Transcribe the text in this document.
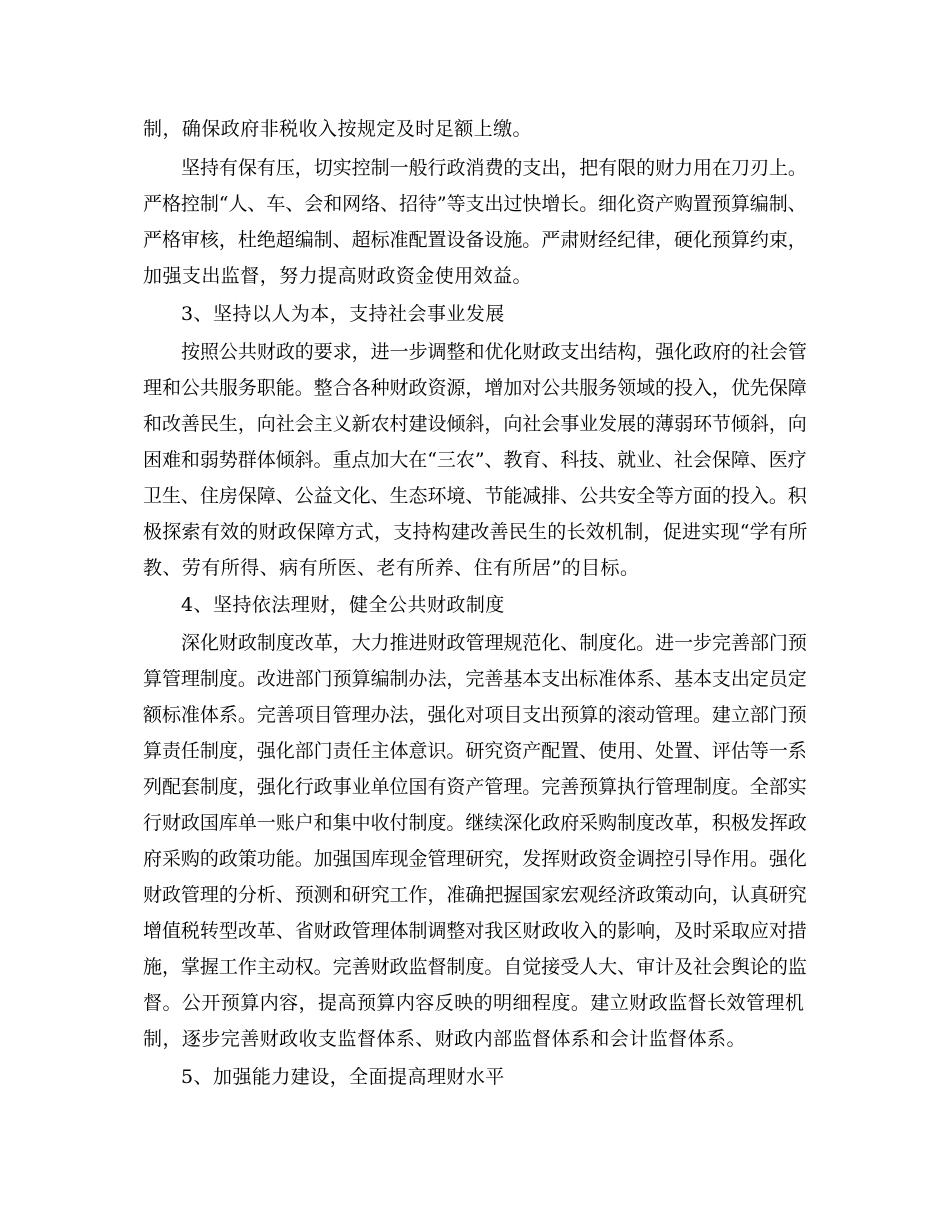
制，确保政府非税收入按规定及时足额上缴。
坚持有保有压，切实控制一般行政消费的支出，把有限的财力用在刀刃上。
严格控制“人、车、会和网络、招待”等支出过快增长。细化资产购置预算编制、
严格审核，杜绝超编制、超标准配置设备设施。严肃财经纪律，硬化预算约束，
加强支出监督，努力提高财政资金使用效益。
3、坚持以人为本，支持社会事业发展
按照公共财政的要求，进一步调整和优化财政支出结构，强化政府的社会管
理和公共服务职能。整合各种财政资源，增加对公共服务领域的投入，优先保障
和改善民生，向社会主义新农村建设倾斜，向社会事业发展的薄弱环节倾斜，向
困难和弱势群体倾斜。重点加大在“三农”、教育、科技、就业、社会保障、医疗
卫生、住房保障、公益文化、生态环境、节能减排、公共安全等方面的投入。积
极探索有效的财政保障方式，支持构建改善民生的长效机制，促进实现“学有所
教、劳有所得、病有所医、老有所养、住有所居”的目标。
4、坚持依法理财，健全公共财政制度
深化财政制度改革，大力推进财政管理规范化、制度化。进一步完善部门预
算管理制度。改进部门预算编制办法，完善基本支出标准体系、基本支出定员定
额标准体系。完善项目管理办法，强化对项目支出预算的滚动管理。建立部门预
算责任制度，强化部门责任主体意识。研究资产配置、使用、处置、评估等一系
列配套制度，强化行政事业单位国有资产管理。完善预算执行管理制度。全部实
行财政国库单一账户和集中收付制度。继续深化政府采购制度改革，积极发挥政
府采购的政策功能。加强国库现金管理研究，发挥财政资金调控引导作用。强化
财政管理的分析、预测和研究工作，准确把握国家宏观经济政策动向，认真研究
增值税转型改革、省财政管理体制调整对我区财政收入的影响，及时采取应对措
施，掌握工作主动权。完善财政监督制度。自觉接受人大、审计及社会舆论的监
督。公开预算内容，提高预算内容反映的明细程度。建立财政监督长效管理机
制，逐步完善财政收支监督体系、财政内部监督体系和会计监督体系。
5、加强能力建设，全面提高理财水平
